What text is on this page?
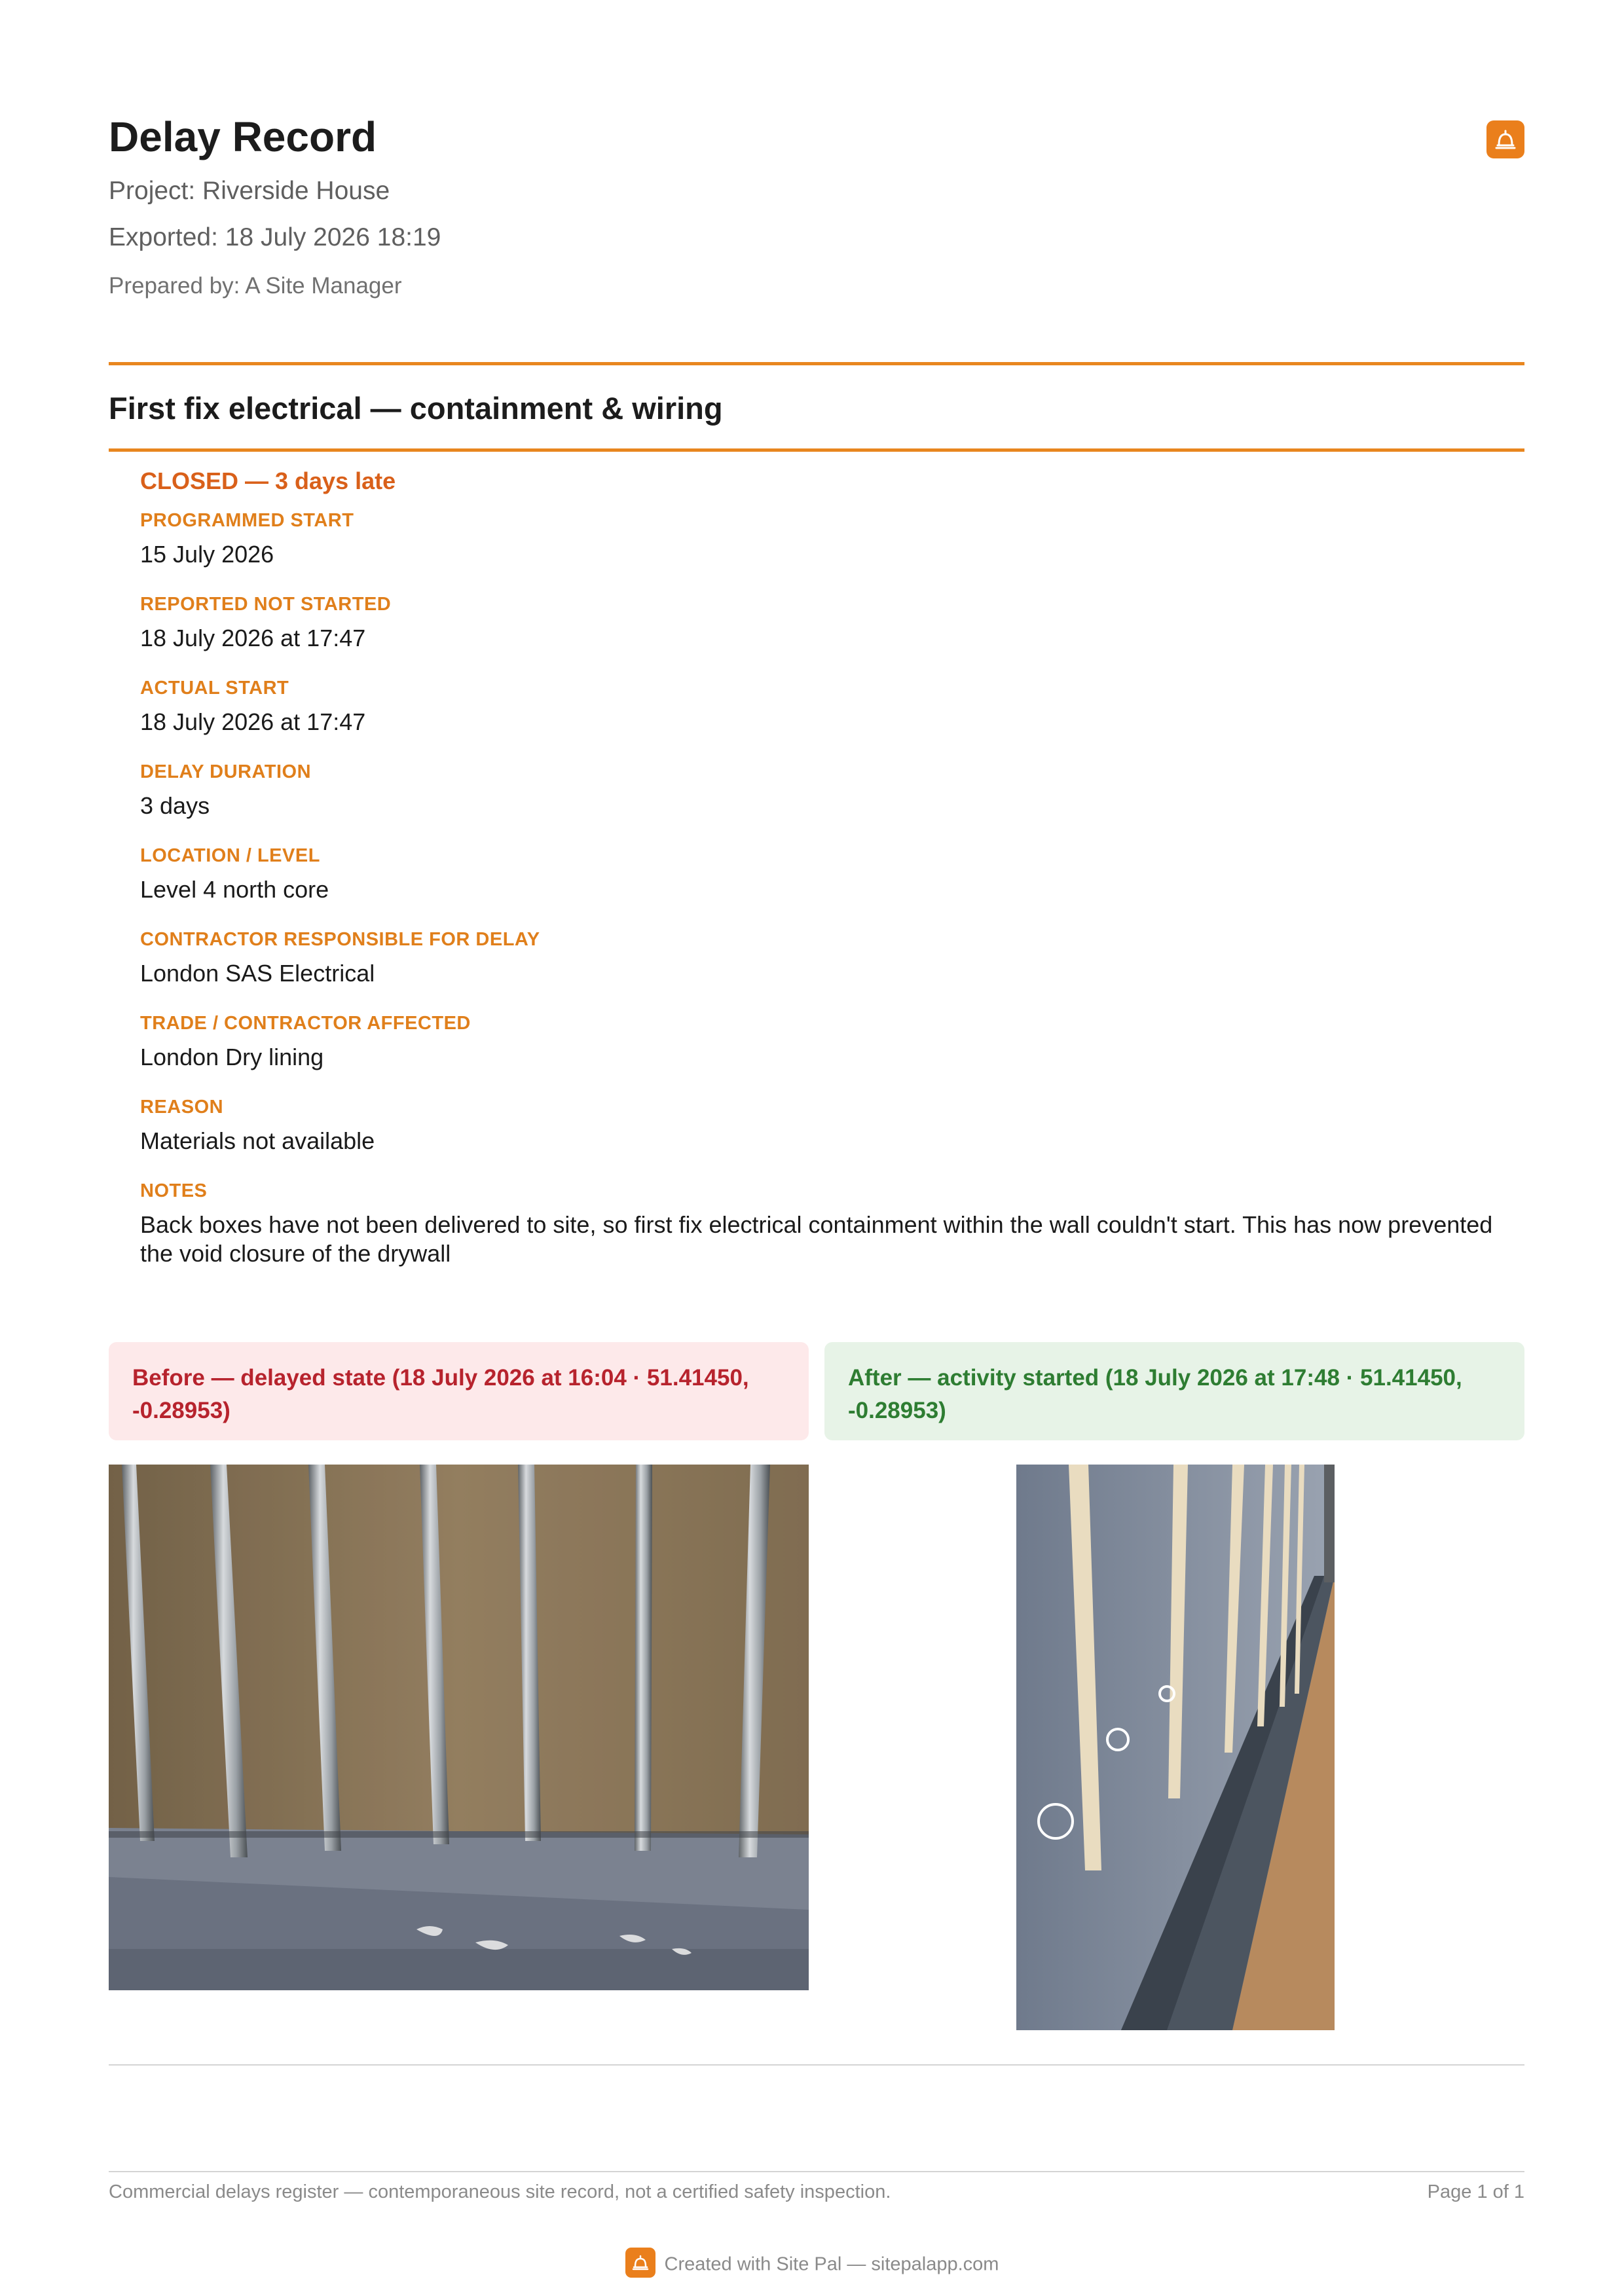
Delay Record
Project: Riverside House
Exported: 18 July 2026 18:19
Prepared by: A Site Manager
First fix electrical — containment & wiring
CLOSED — 3 days late
PROGRAMMED START
15 July 2026
REPORTED NOT STARTED
18 July 2026 at 17:47
ACTUAL START
18 July 2026 at 17:47
DELAY DURATION
3 days
LOCATION / LEVEL
Level 4 north core
CONTRACTOR RESPONSIBLE FOR DELAY
London SAS Electrical
TRADE / CONTRACTOR AFFECTED
London Dry lining
REASON
Materials not available
NOTES
Back boxes have not been delivered to site, so first fix electrical containment within the wall couldn't start. This has now prevented the void closure of the drywall
Before — delayed state (18 July 2026 at 16:04 · 51.41450, -0.28953)
After — activity started (18 July 2026 at 17:48 · 51.41450, -0.28953)
Commercial delays register — contemporaneous site record, not a certified safety inspection.	Page 1 of 1
Created with Site Pal — sitepalapp.com
